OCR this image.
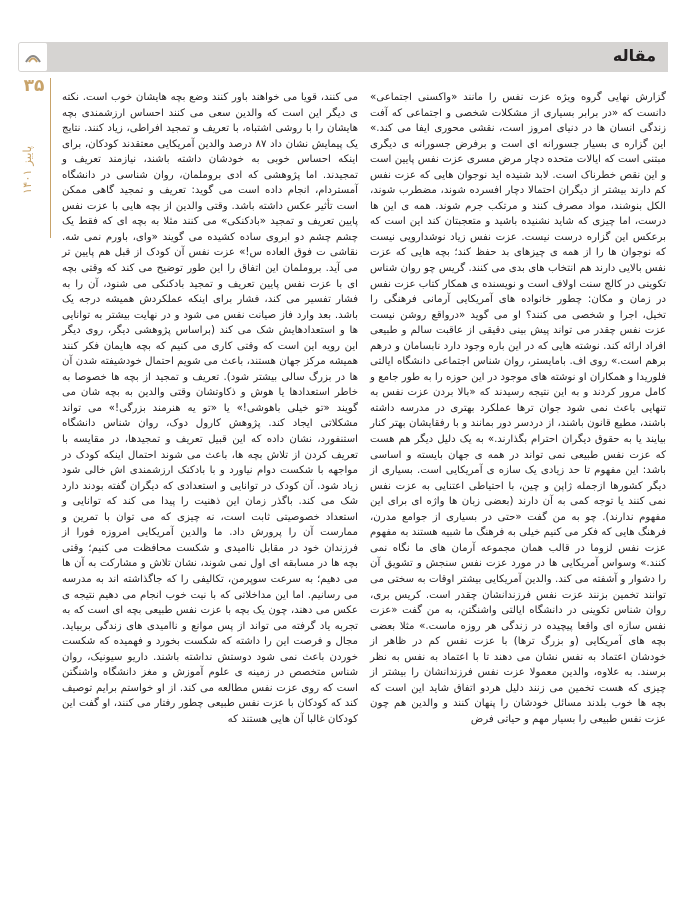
مقاله
۳۵
پاییز ۱۴۰۱

گزارش نهایی گروه ویژه عزت نفس را مانند «واکسنی اجتماعی» دانست که «در برابر بسیاری از مشکلات شخصی و اجتماعی که آفت زندگی انسان ها در دنیای امروز است، نقشی محوری ایفا می کند.» این گزاره ی بسیار جسورانه ای است و برفرض جسورانه ی دیگری مبتنی است که ایالات متحده دچار مرض مسری عزت نفس پایین است و این نقص خطرناک است. لابد شنیده اید نوجوان هایی که عزت نفس کم دارند بیشتر از دیگران احتمالا دچار افسرده شوند، مضطرب شوند، الکل بنوشند، مواد مصرف کنند و مرتکب جرم شوند. همه ی این ها درست، اما چیزی که شاید نشنیده باشید و متعجبتان کند این است که برعکس این گزاره درست نیست. عزت نفس زیاد نوشدارویی نیست که نوجوان ها را از همه ی چیزهای بد حفظ کند؛ بچه هایی که عزت نفس بالایی دارند هم انتخاب های بدی می کنند. گریس چو روان شناس تکوینی در کالج سنت اولاف است و نویسنده ی همکار کتاب عزت نفس در زمان و مکان: چطور خانواده های آمریکایی آرمانی فرهنگی را تخیل، اجرا و شخصی می کنند؟ او می گوید «درواقع روشن نیست عزت نفس چقدر می تواند پیش بینی دقیقی از عاقبت سالم و طبیعی افراد ارائه کند. نوشته هایی که در این باره وجود دارد نابسامان و درهم برهم است.» روی اف. بامایستر، روان شناس اجتماعی دانشگاه ایالتی فلوریدا و همکاران او نوشته های موجود در این حوزه را به طور جامع و کامل مرور کردند و به این نتیجه رسیدند که «بالا بردن عزت نفس به تنهایی باعث نمی شود جوان ترها عملکرد بهتری در مدرسه داشته باشند، مطیع قانون باشند، از دردسر دور بمانند و با رفقایشان بهتر کنار بیایند یا به حقوق دیگران احترام بگذارند.» به یک دلیل دیگر هم هست که عزت نفس طبیعی نمی تواند در همه ی جهان بایسته و اساسی باشد: این مفهوم تا حد زیادی یک سازه ی آمریکایی است. بسیاری از دیگر کشورها ازجمله ژاپن و چین، با احتیاطی اعتنایی به عزت نفس نمی کنند یا توجه کمی به آن دارند (بعضی زبان ها واژه ای برای این مفهوم ندارند). چو به من گفت «حتی در بسیاری از جوامع مدرن، فرهنگ هایی که فکر می کنیم خیلی به فرهنگ ما شبیه هستند به مفهوم عزت نفس لزوما در قالب همان مجموعه آرمان های ما نگاه نمی کنند.» وسواس آمریکایی ها در مورد عزت نفس سنجش و تشویق آن را دشوار و آشفته می کند. والدین آمریکایی بیشتر اوقات به سختی می توانند تخمین بزنند عزت نفس فرزندانشان چقدر است. کریس بری، روان شناس تکوینی در دانشگاه ایالتی واشنگتن، به من گفت «عزت نفس سازه ای واقعا پیچیده در زندگی هر روزه ماست.» مثلا بعضی بچه های آمریکایی (و بزرگ ترها) با عزت نفس کم در ظاهر از خودشان اعتماد به نفس نشان می دهند تا با اعتماد به نفس به نظر برسند. به علاوه، والدین معمولا عزت نفس فرزندانشان را بیشتر از چیزی که هست تخمین می زنند دلیل هردو اتفاق شاید این است که بچه ها خوب بلدند مسائل خودشان را پنهان کنند و والدین هم چون عزت نفس طبیعی را بسیار مهم و حیاتی فرض

می کنند، قویا می خواهند باور کنند وضع بچه هایشان خوب است. نکته ی دیگر این است که والدین سعی می کنند احساس ارزشمندی بچه هایشان را با روشی اشتباه، با تعریف و تمجید افراطی، زیاد کنند. نتایج یک پیمایش نشان داد ۸۷ درصد والدین آمریکایی معتقدند کودکان، برای اینکه احساس خوبی به خودشان داشته باشند، نیازمند تعریف و تمجیدند. اما پژوهشی که ادی بروملمان، روان شناسی در دانشگاه آمستردام، انجام داده است می گوید: تعریف و تمجید گاهی ممکن است تأثیر عکس داشته باشد. وقتی والدین از بچه هایی با عزت نفس پایین تعریف و تمجید «بادکنکی» می کنند مثلا به بچه ای که فقط یک چشم چشم دو ابروی ساده کشیده می گویند «وای، باورم نمی شه. نقاشی ت فوق العاده س!» عزت نفس آن کودک از قبل هم پایین تر می آید. بروملمان این اتفاق را این طور توضیح می کند که وقتی بچه ای با عزت نفس پایین تعریف و تمجید بادکنکی می شنود، آن را به فشار تفسیر می کند، فشار برای اینکه عملکردش همیشه درجه یک باشد. بعد وارد فاز صیانت نفس می شود و در نهایت بیشتر به توانایی ها و استعدادهایش شک می کند (براساس پژوهشی دیگر، روی دیگر این رویه این است که وقتی کاری می کنیم که بچه هایمان فکر کنند همیشه مرکز جهان هستند، باعث می شویم احتمال خودشیفته شدن آن ها در بزرگ سالی بیشتر شود). تعریف و تمجید از بچه ها خصوصا به خاطر استعدادها یا هوش و ذکاوتشان وقتی والدین به بچه شان می گویند «تو خیلی باهوشی!» یا «تو یه هنرمند بزرگی!» می تواند مشکلاتی ایجاد کند. پژوهش کارول دوک، روان شناس دانشگاه استنفورد، نشان داده که این قبیل تعریف و تمجیدها، در مقایسه با تعریف کردن از تلاش بچه ها، باعث می شوند احتمال اینکه کودک در مواجهه با شکست دوام نیاورد و با بادکنک ارزشمندی اش خالی شود زیاد شود. آن کودک در توانایی و استعدادی که دیگران گفته بودند دارد شک می کند. باگذر زمان این ذهنیت را پیدا می کند که توانایی و استعداد خصوصیتی ثابت است، نه چیزی که می توان با تمرین و ممارست آن را پرورش داد. ما والدین آمریکایی امروزه فورا از فرزندان خود در مقابل ناامیدی و شکست محافظت می کنیم؛ وقتی بچه ها در مسابقه ای اول نمی شوند، نشان تلاش و مشارکت به آن ها می دهیم؛ به سرعت سوپرمن، تکالیفی را که جاگذاشته اند به مدرسه می رسانیم. اما این مداخلاتی که با نیت خوب انجام می دهیم نتیجه ی عکس می دهند، چون یک بچه با عزت نفس طبیعی بچه ای است که به تجربه یاد گرفته می تواند از پس موانع و ناامیدی های زندگی بربیاید. مجال و فرصت این را داشته که شکست بخورد و فهمیده که شکست خوردن باعث نمی شود دوستش نداشته باشند. داریو سیونیک، روان شناس متخصص در زمینه ی علوم آموزش و مغز دانشگاه واشنگتن است که روی عزت نفس مطالعه می کند. از او خواستم برایم توصیف کند که کودکان با عزت نفس طبیعی چطور رفتار می کنند، او گفت این کودکان غالبا آن هایی هستند که
